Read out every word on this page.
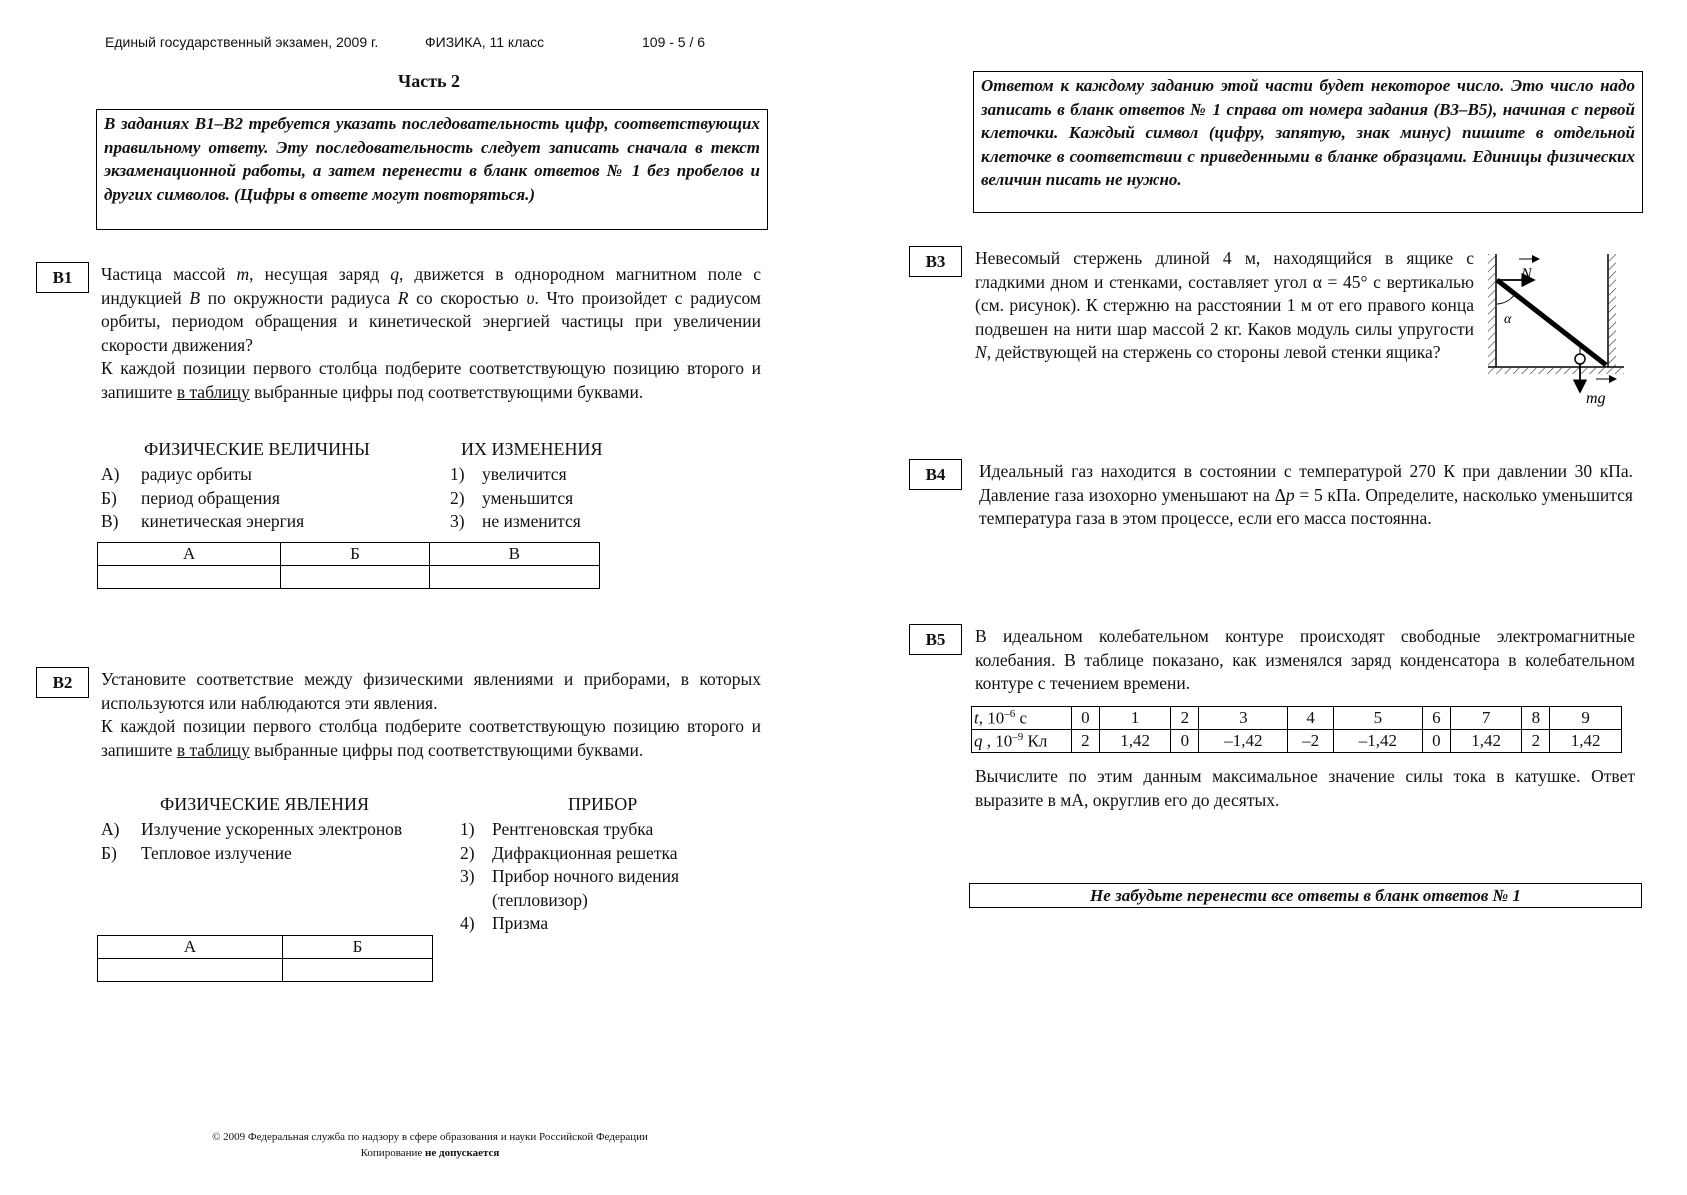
Единый государственный экзамен, 2009 г.	ФИЗИКА, 11 класс	109 - 5 / 6
Часть 2
В заданиях В1–В2 требуется указать последовательность цифр, соответствующих правильному ответу. Эту последовательность следует записать сначала в текст экзаменационной работы, а затем перенести в бланк ответов № 1 без пробелов и других символов. (Цифры в ответе могут повторяться.)
Ответом к каждому заданию этой части будет некоторое число. Это число надо записать в бланк ответов № 1 справа от номера задания (В3–В5), начиная с первой клеточки. Каждый символ (цифру, запятую, знак минус) пишите в отдельной клеточке в соответствии с приведенными в бланке образцами. Единицы физических величин писать не нужно.
B1	Частица массой m, несущая заряд q, движется в однородном магнитном поле с индукцией B по окружности радиуса R со скоростью υ. Что произойдет с радиусом орбиты, периодом обращения и кинетической энергией частицы при увеличении скорости движения?

К каждой позиции первого столбца подберите соответствующую позицию второго и запишите в таблицу выбранные цифры под соответствующими буквами.

ФИЗИЧЕСКИЕ ВЕЛИЧИНЫ	ИХ ИЗМЕНЕНИЯ
А) радиус орбиты
Б) период обращения
В) кинетическая энергия
1) увеличится
2) уменьшится
3) не изменится
А	Б	В

B2	Установите соответствие между физическими явлениями и приборами, в которых используются или наблюдаются эти явления.

К каждой позиции первого столбца подберите соответствующую позицию второго и запишите в таблицу выбранные цифры под соответствующими буквами.

ФИЗИЧЕСКИЕ ЯВЛЕНИЯ	ПРИБОР
А) Излучение ускоренных электронов
Б) Тепловое излучение
1) Рентгеновская трубка
2) Дифракционная решетка
3) Прибор ночного видения
(тепловизор)
4) Призма
А	Б

B3	Невесомый стержень длиной 4 м, находящийся в ящике с гладкими дном и стенками, составляет угол α = 45° с вертикалью (см. рисунок). К стержню на расстоянии 1 м от его правого конца подвешен на нити шар массой 2 кг. Каков модуль силы упругости N, действующей на стержень со стороны левой стенки ящика?

α
N
mg
B4	Идеальный газ находится в состоянии с температурой 270 К при давлении 30 кПа. Давление газа изохорно уменьшают на Δp = 5 кПа. Определите, насколько уменьшится температура газа в этом процессе, если его масса постоянна.

B5	В идеальном колебательном контуре происходят свободные электромагнитные колебания. В таблице показано, как изменялся заряд конденсатора в колебательном контуре с течением времени.

t, $10^{-6}$ с	0	1	2	3	4	5	6	7	8	9
q , $10^{-9}$ Кл	2	1,42	0	–1,42	–2	–1,42	0	1,42	2	1,42

Вычислите по этим данным максимальное значение силы тока в катушке. Ответ выразите в мА, округлив его до десятых.

Не забудьте перенести все ответы в бланк ответов № 1
© 2009 Федеральная служба по надзору в сфере образования и науки Российской Федерации
Копирование не допускается
